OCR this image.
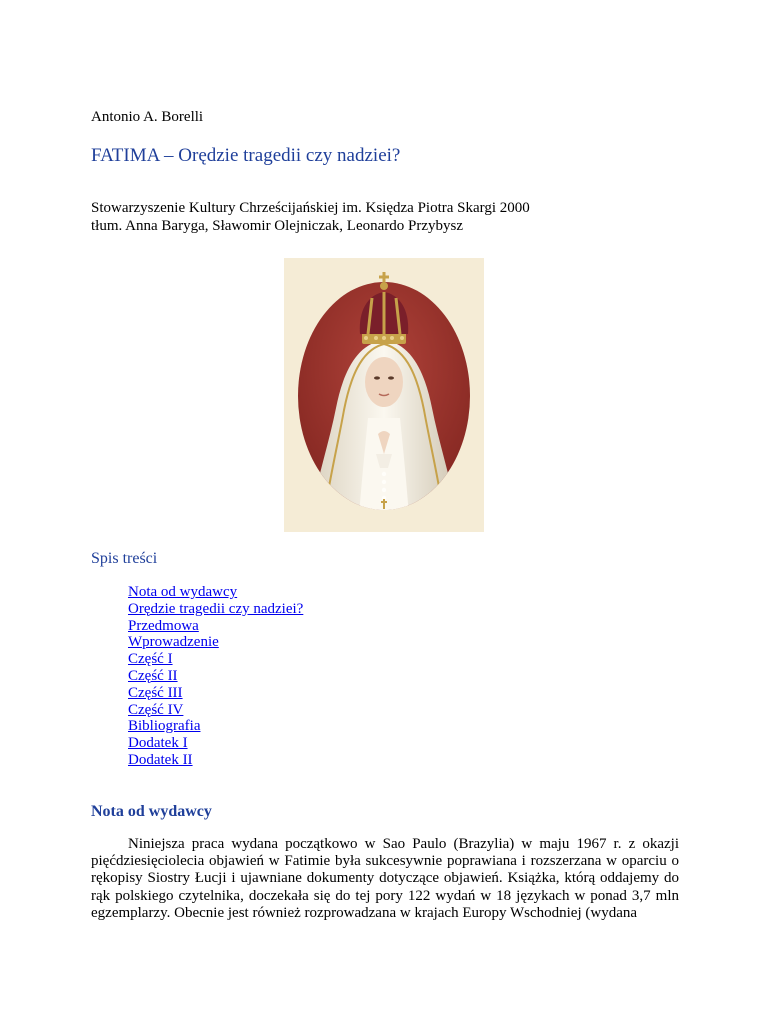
Antonio A. Borelli
FATIMA – Orędzie tragedii czy nadziei?
Stowarzyszenie Kultury Chrześcijańskiej im. Księdza Piotra Skargi 2000
tłum. Anna Baryga, Sławomir Olejniczak, Leonardo Przybysz
Spis treści
Nota od wydawcy
Orędzie tragedii czy nadziei?
Przedmowa
Wprowadzenie
Część I
Część II
Część III
Część IV
Bibliografia
Dodatek I
Dodatek II
Nota od wydawcy

Niniejsza praca wydana początkowo w Sao Paulo (Brazylia) w maju 1967 r. z okazji pięćdziesięciolecia objawień w Fatimie była sukcesywnie poprawiana i rozszerzana w oparciu o rękopisy Siostry Łucji i ujawniane dokumenty dotyczące objawień. Książka, którą oddajemy do rąk polskiego czytelnika, doczekała się do tej pory 122 wydań w 18 językach w ponad 3,7 mln egzemplarzy. Obecnie jest również rozprowadzana w krajach Europy Wschodniej (wydana
